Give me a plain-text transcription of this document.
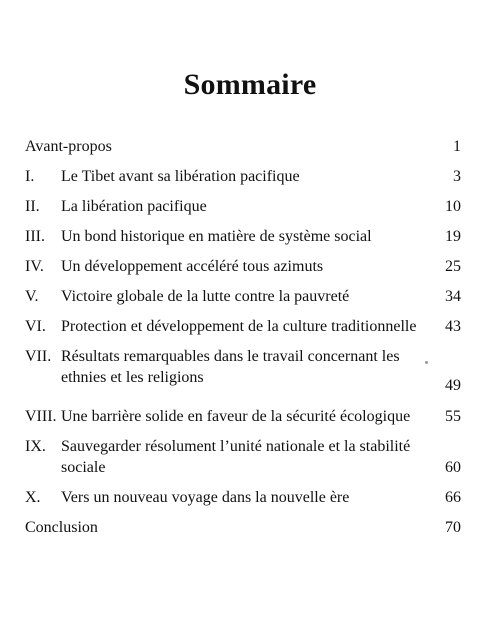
Sommaire
Avant-propos	1
I. Le Tibet avant sa libération pacifique	3
II. La libération pacifique	10
III. Un bond historique en matière de système social	19
IV. Un développement accéléré tous azimuts	25
V. Victoire globale de la lutte contre la pauvreté	34
VI. Protection et développement de la culture traditionnelle	43
VII. Résultats remarquables dans le travail concernant les ethnies et les religions	49
VIII. Une barrière solide en faveur de la sécurité écologique	55
IX. Sauvegarder résolument l’unité nationale et la stabilité sociale	60
X. Vers un nouveau voyage dans la nouvelle ère	66
Conclusion	70
